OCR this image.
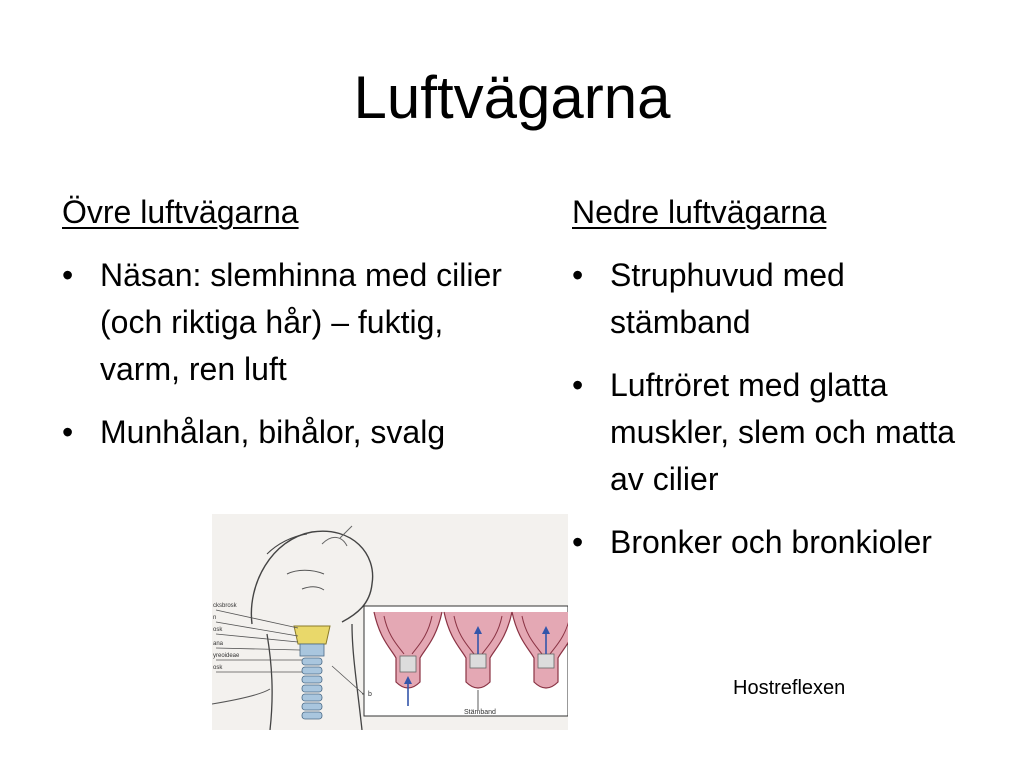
Luftvägarna
Övre luftvägarna
• Näsan: slemhinna med cilier (och riktiga hår) – fuktig, varm, ren luft
• Munhålan, bihålor, svalg
Nedre luftvägarna
• Struphuvud med stämband
• Luftröret med glatta muskler, slem och matta av cilier
• Bronker och bronkioler
cksbrosk
n
osk
ana
yreoideae
osk
b
Stämband
Hostreflexen
